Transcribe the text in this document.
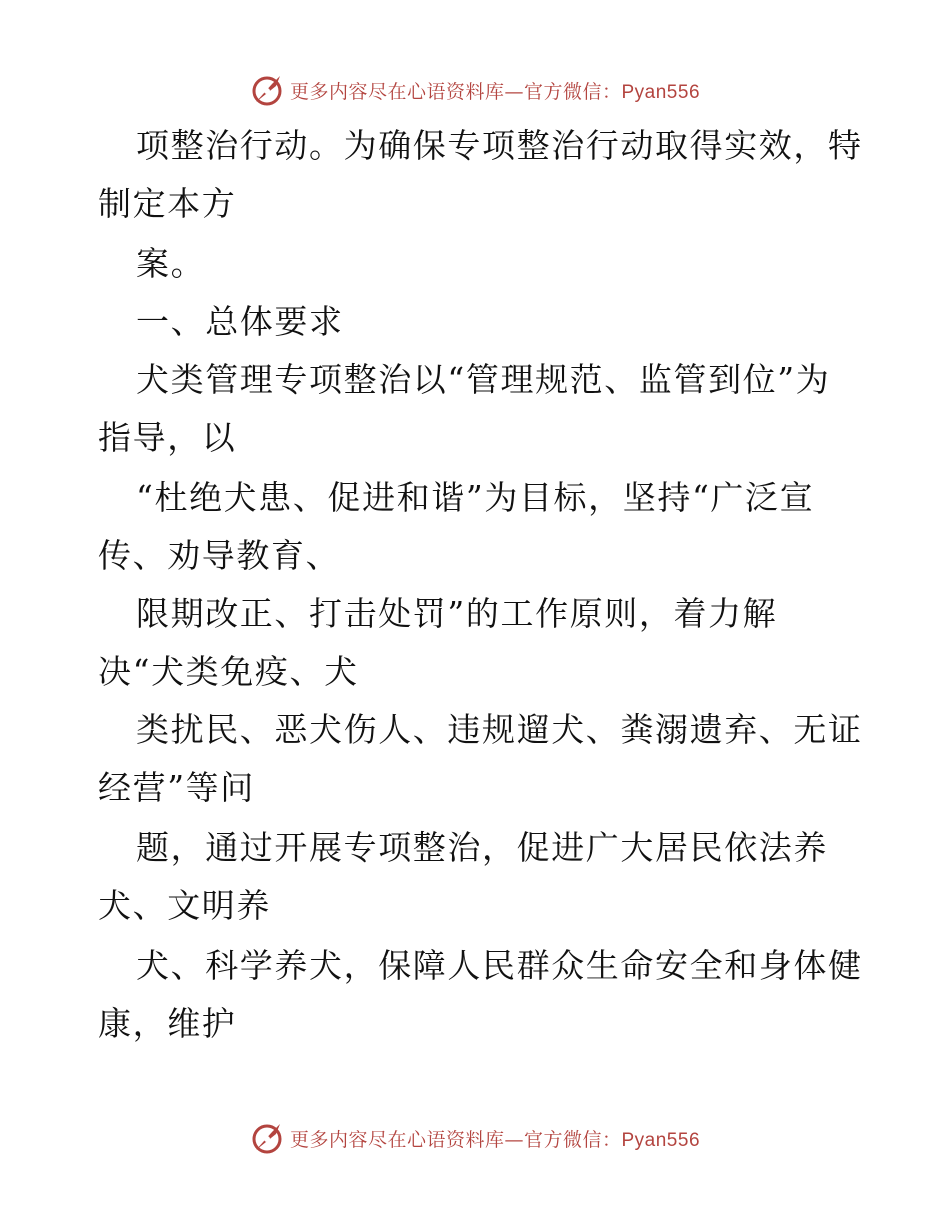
更多内容尽在心语资料库—官方微信：Pyan556
项整治行动。为确保专项整治行动取得实效，特
制定本方
案。
一、总体要求
犬类管理专项整治以“管理规范、监管到位”为
指导，以
“杜绝犬患、促进和谐”为目标，坚持“广泛宣
传、劝导教育、
限期改正、打击处罚”的工作原则，着力解
决“犬类免疫、犬
类扰民、恶犬伤人、违规遛犬、粪溺遗弃、无证
经营”等问
题，通过开展专项整治，促进广大居民依法养
犬、文明养
犬、科学养犬，保障人民群众生命安全和身体健
康，维护
更多内容尽在心语资料库—官方微信：Pyan556
